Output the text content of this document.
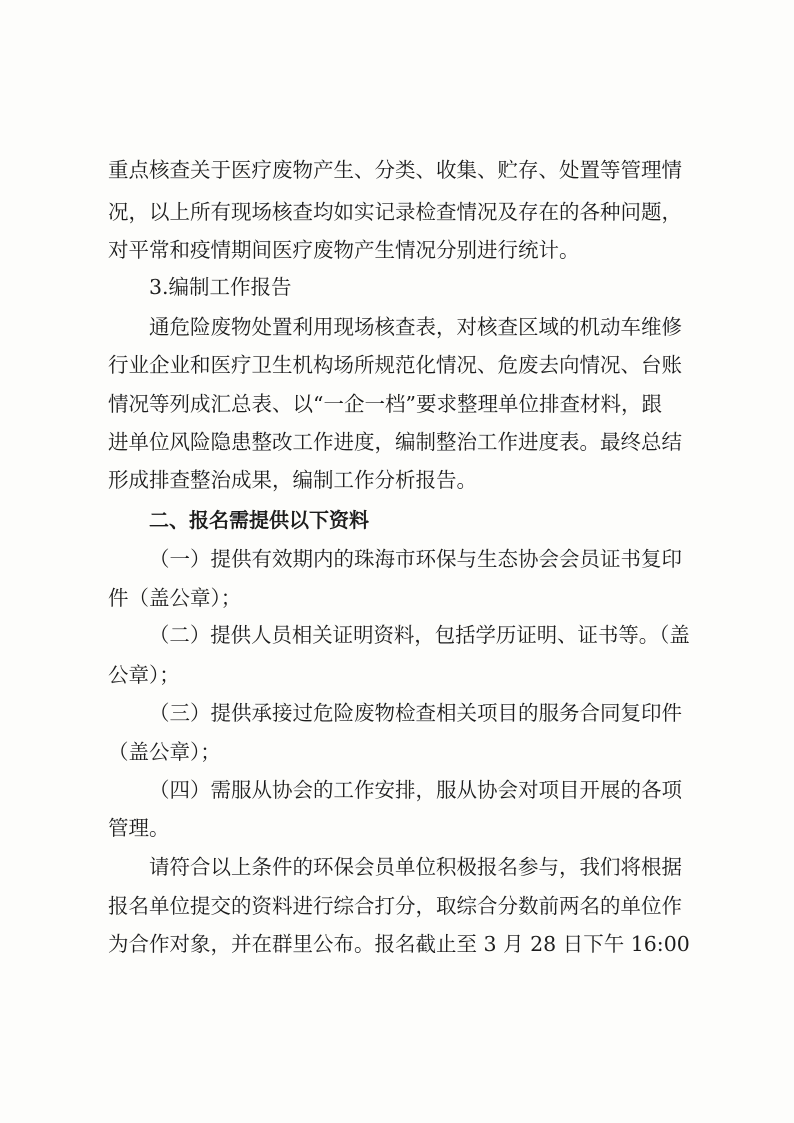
重点核查关于医疗废物产生、分类、收集、贮存、处置等管理情
况，以上所有现场核查均如实记录检查情况及存在的各种问题，
对平常和疫情期间医疗废物产生情况分别进行统计。
3.编制工作报告
通危险废物处置利用现场核查表，对核查区域的机动车维修
行业企业和医疗卫生机构场所规范化情况、危废去向情况、台账
情况等列成汇总表、以“一企一档”要求整理单位排查材料，跟
进单位风险隐患整改工作进度，编制整治工作进度表。最终总结
形成排查整治成果，编制工作分析报告。
二、报名需提供以下资料
（一）提供有效期内的珠海市环保与生态协会会员证书复印
件（盖公章）；
（二）提供人员相关证明资料，包括学历证明、证书等。（盖
公章）；
（三）提供承接过危险废物检查相关项目的服务合同复印件
（盖公章）；
（四）需服从协会的工作安排，服从协会对项目开展的各项
管理。
请符合以上条件的环保会员单位积极报名参与，我们将根据
报名单位提交的资料进行综合打分，取综合分数前两名的单位作
为合作对象，并在群里公布。报名截止至 3 月 28 日下午 16:00
